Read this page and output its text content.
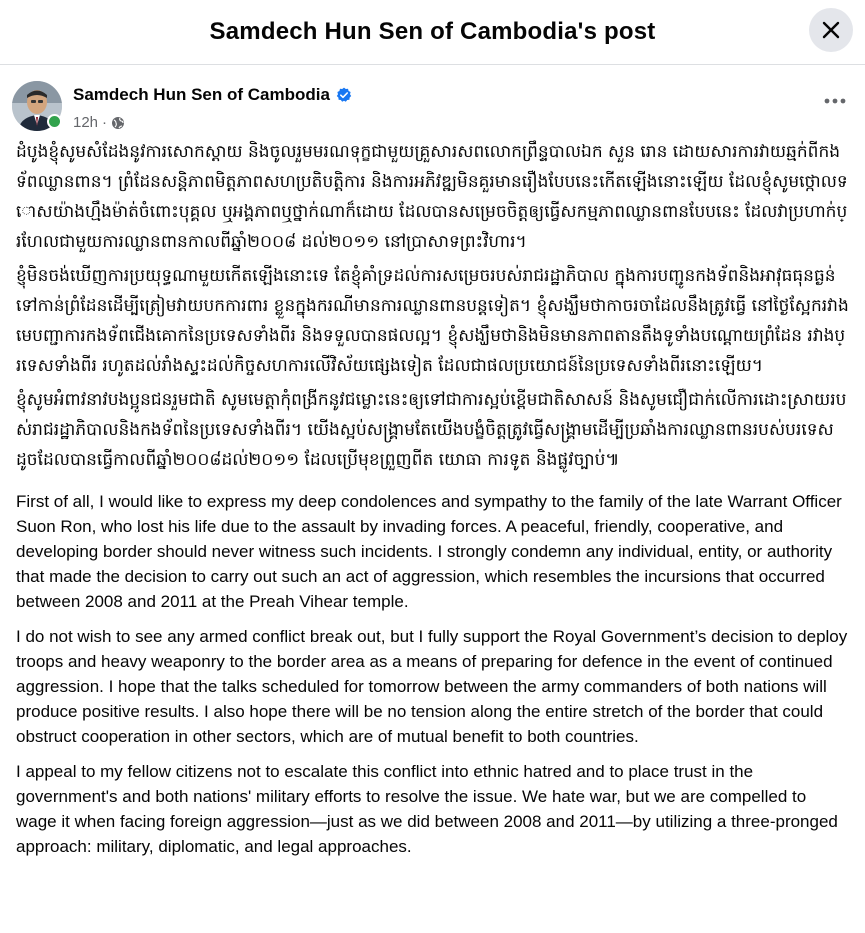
Samdech Hun Sen of Cambodia's post
Samdech Hun Sen of Cambodia
12h ·

ដំបូងខ្ញុំសូមសំដែងនូវការសោកស្តាយ និងចូលរួមមរណទុក្ខជាមួយគ្រួសារសពលោកព្រឹន្ទបាលឯក សួន រោន ដោយសារការវាយឆ្មក់ពីកងទ័ពឈ្លានពាន។ ព្រំដែនសន្តិភាពមិត្តភាពសហប្រតិបត្តិការ និងការអភិវឌ្ឍមិនគួរមានរឿងបែបនេះកើតឡើងនោះឡើយ ដែលខ្ញុំសូមថ្កោលទោសយ៉ាងហ្មឹងម៉ាត់ចំពោះបុគ្គល ឬអង្គភាពឬថ្នាក់ណាក៏ដោយ ដែលបានសម្រេចចិត្តឲ្យធ្វើសកម្មភាពឈ្លានពានបែបនេះ ដែលវាប្រហាក់ប្រហែលជាមួយការឈ្លានពានកាលពីឆ្នាំ២០០៨ ដល់២០១១ នៅប្រាសាទព្រះវិហារ។

ខ្ញុំមិនចង់ឃើញការប្រយុទ្ធណាមួយកើតឡើងនោះទេ តែខ្ញុំគាំទ្រដល់ការសម្រេចរបស់រាជរដ្ឋាភិបាល ក្នុងការបញ្ជូនកងទ័ពនិងអាវុធធុនធ្ងន់ ទៅកាន់ព្រំដែនដើម្បីត្រៀមវាយបកការពារ ខ្លួនក្នុងករណីមានការឈ្លានពានបន្តទៀត។ ខ្ញុំសង្ឃឹមថាកាចរចាដែលនឹងត្រូវធ្វើ នៅថ្ងៃស្អែករវាងមេបញ្ជាការកងទ័ពជើងគោកនៃប្រទេសទាំងពីរ និងទទួលបានផលល្អ។ ខ្ញុំសង្ឃឹមថានិងមិនមានភាពតានតឹងទូទាំងបណ្តោយព្រំដែន រវាងប្រទេសទាំងពីរ រហូតដល់រាំងស្ទះដល់កិច្ចសហការលើវិស័យផ្សេងទៀត ដែលជាផលប្រយោជន៍នៃប្រទេសទាំងពីរនោះឡើយ។

ខ្ញុំសូមអំពាវនាវបងប្អូនជនរួមជាតិ សូមមេត្តាកុំពង្រីកនូវជម្លោះនេះឲ្យទៅជាការស្អប់ខ្ពើមជាតិសាសន៍ និងសូមជឿជាក់លើការដោះស្រាយរបស់រាជរដ្ឋាភិបាលនិងកងទ័ពនៃប្រទេសទាំងពីរ។ យើងស្អប់សង្គ្រាមតែយើងបង្ខំចិត្តត្រូវធ្វើសង្គ្រាមដើម្បីប្រឆាំងការឈ្លានពានរបស់បរទេស ដូចដែលបានធ្វើកាលពីឆ្នាំ២០០៨ដល់២០១១ ដែលប្រើមុខព្រួញពីត យោធា ការទូត និងផ្លូវច្បាប់៕

First of all, I would like to express my deep condolences and sympathy to the family of the late Warrant Officer Suon Ron, who lost his life due to the assault by invading forces. A peaceful, friendly, cooperative, and developing border should never witness such incidents. I strongly condemn any individual, entity, or authority that made the decision to carry out such an act of aggression, which resembles the incursions that occurred between 2008 and 2011 at the Preah Vihear temple.

I do not wish to see any armed conflict break out, but I fully support the Royal Government’s decision to deploy troops and heavy weaponry to the border area as a means of preparing for defence in the event of continued aggression. I hope that the talks scheduled for tomorrow between the army commanders of both nations will produce positive results. I also hope there will be no tension along the entire stretch of the border that could obstruct cooperation in other sectors, which are of mutual benefit to both countries.

I appeal to my fellow citizens not to escalate this conflict into ethnic hatred and to place trust in the government's and both nations' military efforts to resolve the issue. We hate war, but we are compelled to wage it when facing foreign aggression—just as we did between 2008 and 2011—by utilizing a three-pronged approach: military, diplomatic, and legal approaches.
